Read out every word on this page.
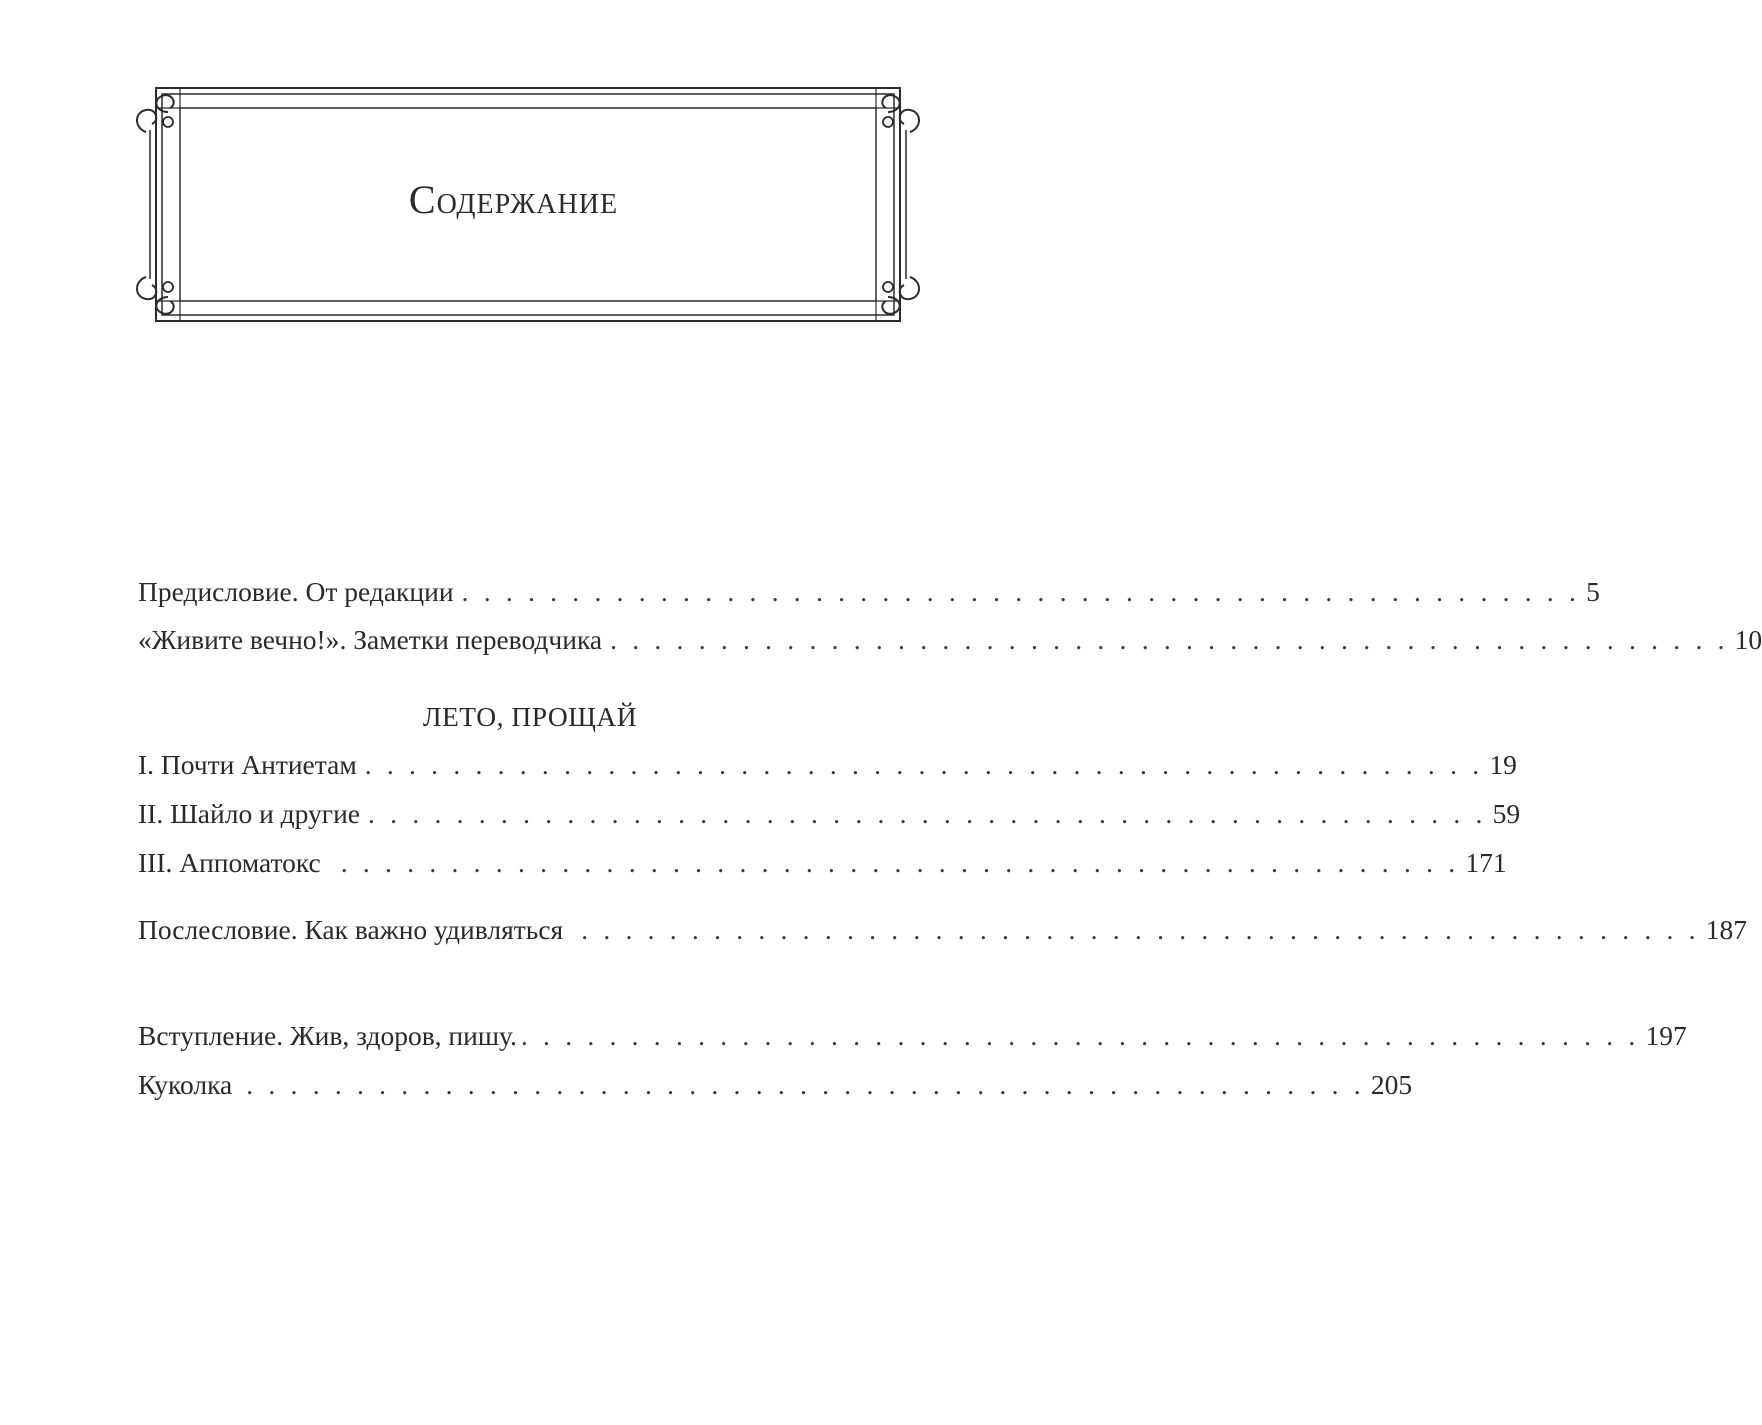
Содержание
Предисловие. От редакции . . . . . . . . . . . . . . . . . . . . . . . . . . . . . . . . . . . . . . . . . . . . . . . . . . . 5
«Живите вечно!». Заметки переводчика . . . . . . . . . . . . . . . . . . . . . . . . . . . . . . . . . . . . . . . . . . . . . . . . . . . 10
ЛЕТО, ПРОЩАЙ
I. Почти Антиетам . . . . . . . . . . . . . . . . . . . . . . . . . . . . . . . . . . . . . . . . . . . . . . . . . . . 19
II. Шайло и другие . . . . . . . . . . . . . . . . . . . . . . . . . . . . . . . . . . . . . . . . . . . . . . . . . . . 59
III. Аппоматокс . . . . . . . . . . . . . . . . . . . . . . . . . . . . . . . . . . . . . . . . . . . . . . . . . . . 171
Послесловие. Как важно удивляться . . . . . . . . . . . . . . . . . . . . . . . . . . . . . . . . . . . . . . . . . . . . . . . . . . . 187
Вступление. Жив, здоров, пишу. . . . . . . . . . . . . . . . . . . . . . . . . . . . . . . . . . . . . . . . . . . . . . . . . . . . 197
Куколка . . . . . . . . . . . . . . . . . . . . . . . . . . . . . . . . . . . . . . . . . . . . . . . . . . . 205
